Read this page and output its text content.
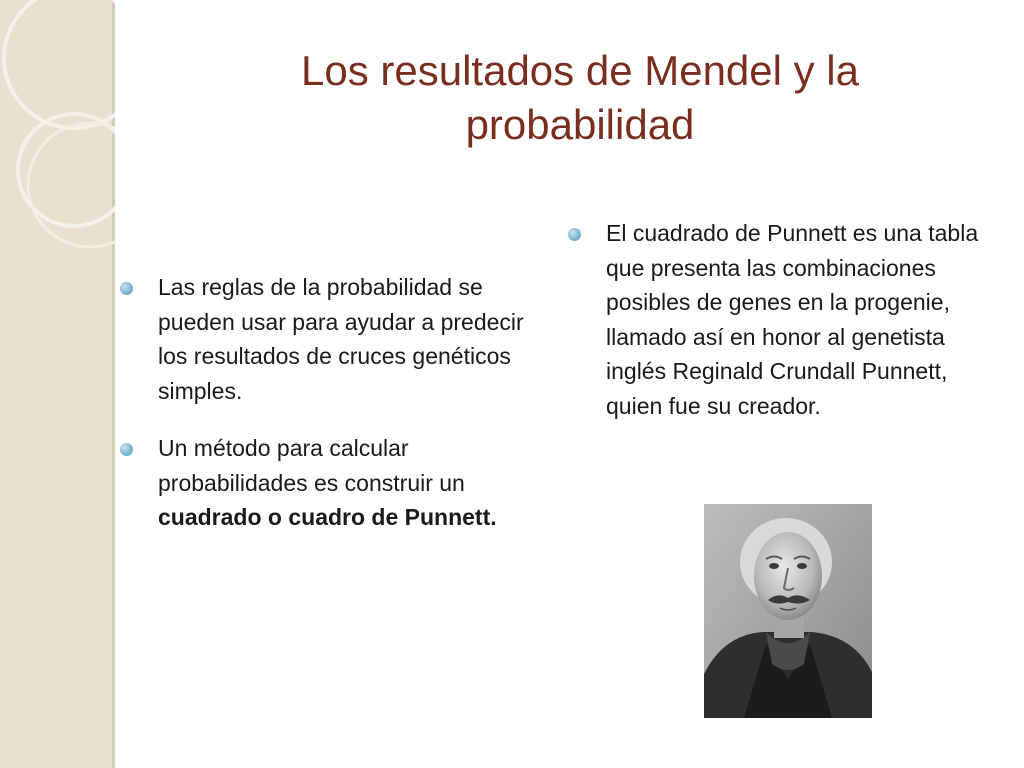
Los resultados de Mendel y la probabilidad
Las reglas de la probabilidad se pueden usar para ayudar a predecir los resultados de cruces genéticos simples.
Un método para calcular probabilidades es construir un cuadrado o cuadro de Punnett.
El cuadrado de Punnett es una tabla que presenta las combinaciones posibles de genes en la progenie, llamado así en honor al genetista inglés Reginald Crundall Punnett, quien fue su creador.
